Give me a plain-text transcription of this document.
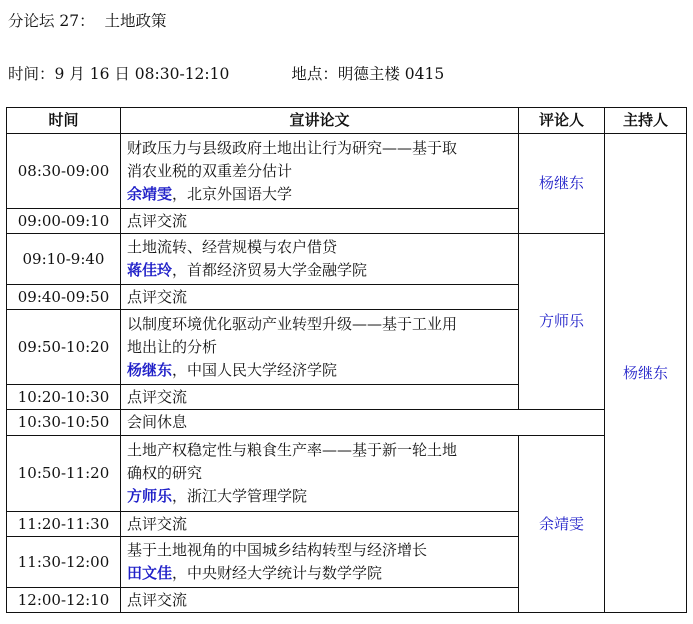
分论坛 27：  土地政策
时间：9 月 16 日 08:30-12:10	地点：明德主楼 0415
时间	宣讲论文	评论人	主持人
08:30-09:00	财政压力与县级政府土地出让行为研究——基于取
消农业税的双重差分估计
余靖雯，北京外国语大学	杨继东	杨继东
09:00-09:10	点评交流		
09:10-9:40	土地流转、经营规模与农户借贷
蒋佳玲，首都经济贸易大学金融学院	方师乐	
09:40-09:50	点评交流		
09:50-10:20	以制度环境优化驱动产业转型升级——基于工业用
地出让的分析
杨继东，中国人民大学经济学院		

10:20-10:30	点评交流		
10:30-10:50	会间休息		
10:50-11:20	土地产权稳定性与粮食生产率——基于新一轮土地
确权的研究
方师乐，浙江大学管理学院	余靖雯	
11:20-11:30	点评交流		
11:30-12:00	基于土地视角的中国城乡结构转型与经济增长
田文佳，中央财经大学统计与数学学院		

12:00-12:10	点评交流		
